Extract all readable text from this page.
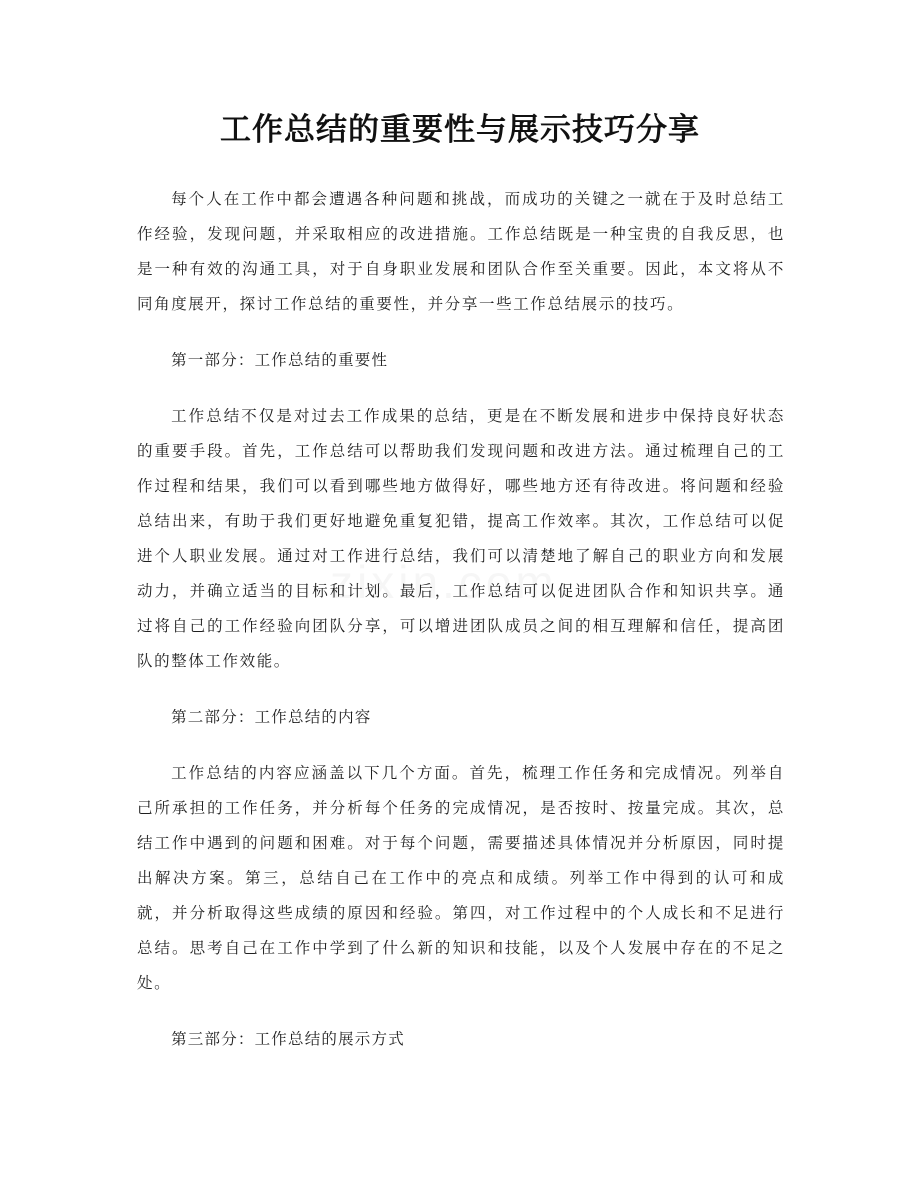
工作总结的重要性与展示技巧分享

每个人在工作中都会遭遇各种问题和挑战，而成功的关键之一就在于及时总结工作经验，发现问题，并采取相应的改进措施。工作总结既是一种宝贵的自我反思，也是一种有效的沟通工具，对于自身职业发展和团队合作至关重要。因此，本文将从不同角度展开，探讨工作总结的重要性，并分享一些工作总结展示的技巧。

第一部分：工作总结的重要性

工作总结不仅是对过去工作成果的总结，更是在不断发展和进步中保持良好状态的重要手段。首先，工作总结可以帮助我们发现问题和改进方法。通过梳理自己的工作过程和结果，我们可以看到哪些地方做得好，哪些地方还有待改进。将问题和经验总结出来，有助于我们更好地避免重复犯错，提高工作效率。其次，工作总结可以促进个人职业发展。通过对工作进行总结，我们可以清楚地了解自己的职业方向和发展动力，并确立适当的目标和计划。最后，工作总结可以促进团队合作和知识共享。通过将自己的工作经验向团队分享，可以增进团队成员之间的相互理解和信任，提高团队的整体工作效能。

第二部分：工作总结的内容

工作总结的内容应涵盖以下几个方面。首先，梳理工作任务和完成情况。列举自己所承担的工作任务，并分析每个任务的完成情况，是否按时、按量完成。其次，总结工作中遇到的问题和困难。对于每个问题，需要描述具体情况并分析原因，同时提出解决方案。第三，总结自己在工作中的亮点和成绩。列举工作中得到的认可和成就，并分析取得这些成绩的原因和经验。第四，对工作过程中的个人成长和不足进行总结。思考自己在工作中学到了什么新的知识和技能，以及个人发展中存在的不足之处。

第三部分：工作总结的展示方式
